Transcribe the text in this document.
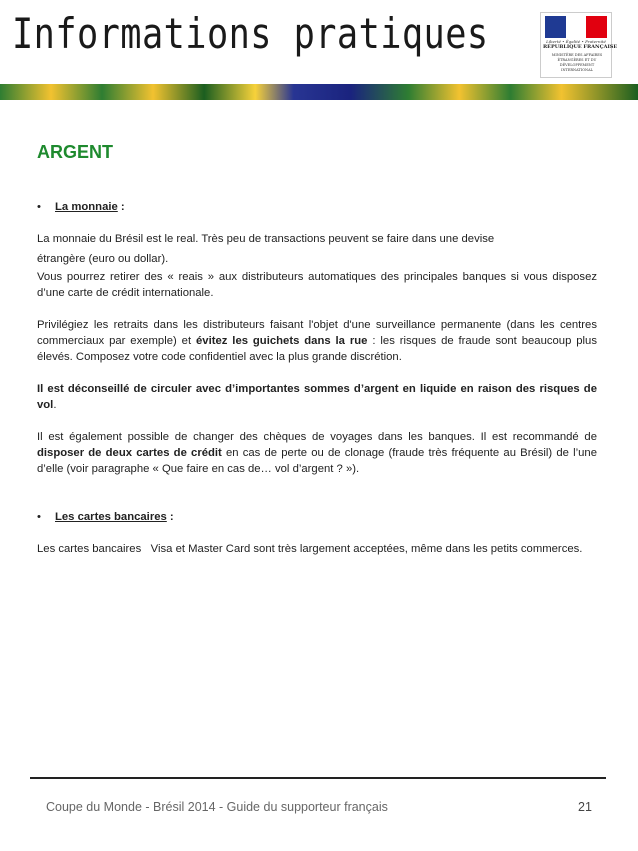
Informations pratiques	Liberté • Égalité • Fraternité
RÉPUBLIQUE FRANÇAISE
MINISTÈRE DES AFFAIRES ÉTRANGÈRES ET DU DÉVELOPPEMENT INTERNATIONAL
ARGENT
• La monnaie :

La monnaie du Brésil est le real. Très peu de transactions peuvent se faire dans une devise

étrangère (euro ou dollar).

Vous pourrez retirer des « reais » aux distributeurs automatiques des principales banques si vous disposez d’une carte de crédit internationale.

Privilégiez les retraits dans les distributeurs faisant l'objet d'une surveillance permanente (dans les centres commerciaux par exemple) et évitez les guichets dans la rue : les risques de fraude sont beaucoup plus élevés. Composez votre code confidentiel avec la plus grande discrétion.

Il est déconseillé de circuler avec d’importantes sommes d’argent en liquide en raison des risques de vol.

Il est également possible de changer des chèques de voyages dans les banques. Il est recommandé de disposer de deux cartes de crédit en cas de perte ou de clonage (fraude très fréquente au Brésil) de l’une d’elle (voir paragraphe « Que faire en cas de… vol d’argent ? »).

• Les cartes bancaires :

Les cartes bancaires   Visa et Master Card sont très largement acceptées, même dans les petits commerces.

Coupe du Monde - Brésil 2014 - Guide du supporteur français	21
